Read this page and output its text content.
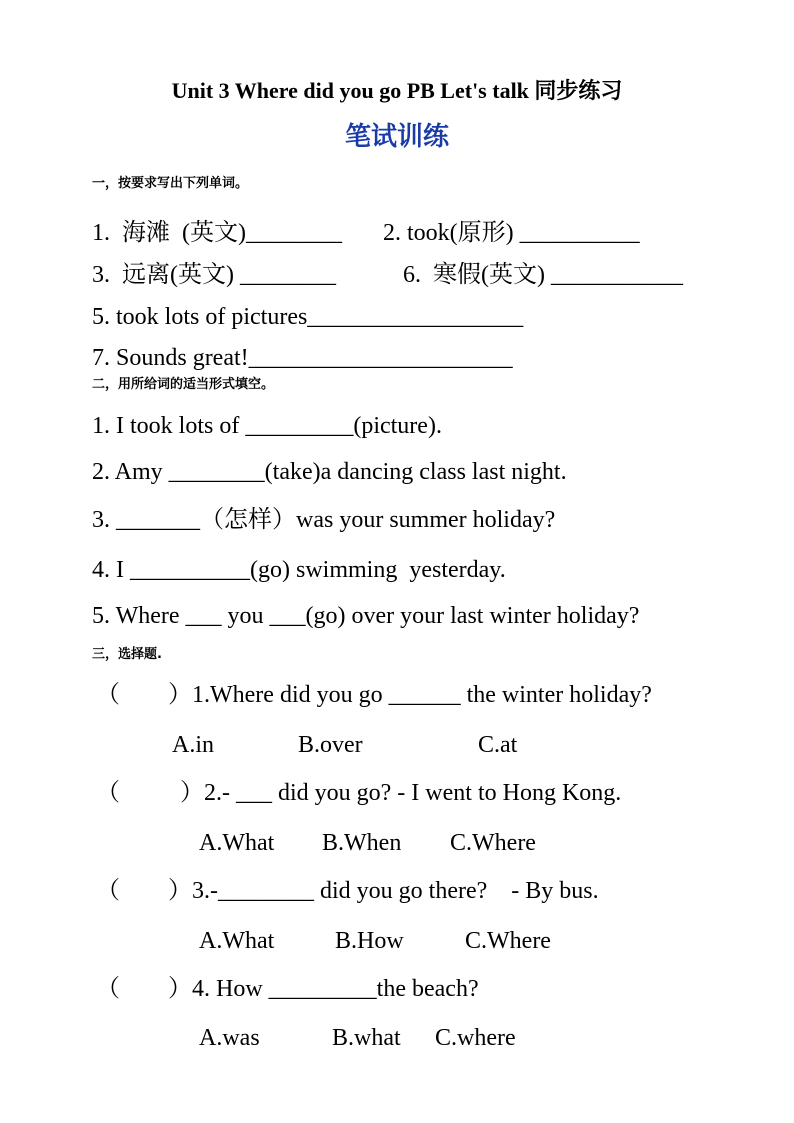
Unit 3 Where did you go PB Let's talk 同步练习
笔试训练
一，按要求写出下列单词。
1.  海滩  (英文)________ 2. took(原形) __________
3.  远离(英文) ________	6.  寒假(英文) ___________
5. took lots of pictures__________________
7. Sounds great!______________________
二，用所给词的适当形式填空。
1. I took lots of _________(picture).
2. Amy ________(take)a dancing class last night.
3. _______（怎样）was your summer holiday?
4. I __________(go) swimming  yesterday.
5. Where ___ you ___(go) over your last winter holiday?
三，选择题.
（        ）1.Where did you go ______ the winter holiday?
A.in	B.over	C.at
（          ）2.- ___ did you go? - I went to Hong Kong.
A.What B.When C.Where
（        ）3.-________ did you go there?    - By bus.
A.What	B.How	C.Where
（        ）4. How _________the beach?
A.was	B.what C.where
